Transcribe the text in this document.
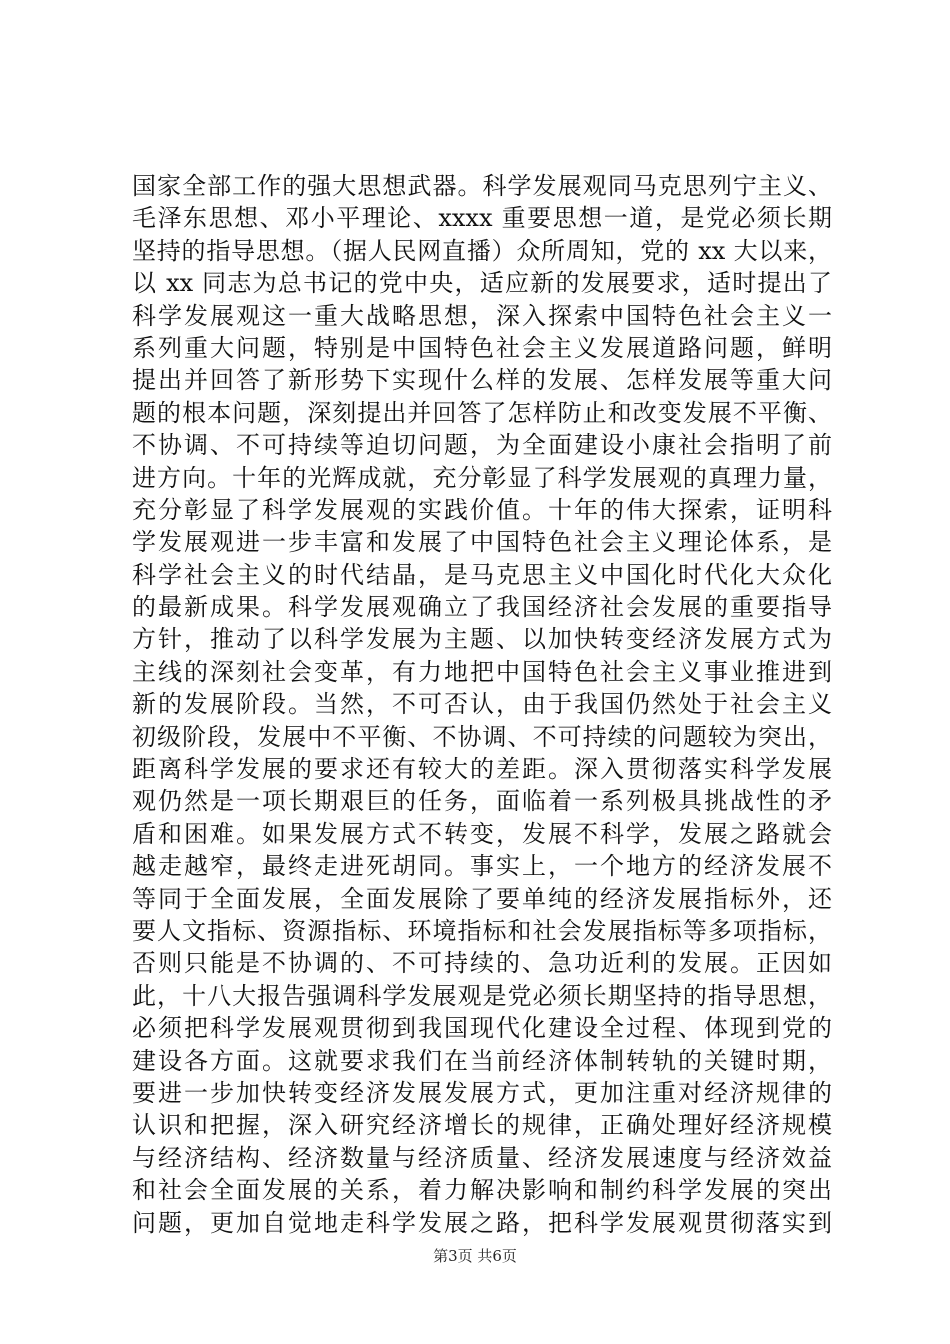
国家全部工作的强大思想武器。科学发展观同马克思列宁主义、
毛泽东思想、邓小平理论、xxxx 重要思想一道，是党必须长期
坚持的指导思想。（据人民网直播）众所周知，党的 xx 大以来，
以 xx 同志为总书记的党中央，适应新的发展要求，适时提出了
科学发展观这一重大战略思想，深入探索中国特色社会主义一
系列重大问题，特别是中国特色社会主义发展道路问题，鲜明
提出并回答了新形势下实现什么样的发展、怎样发展等重大问
题的根本问题，深刻提出并回答了怎样防止和改变发展不平衡、
不协调、不可持续等迫切问题，为全面建设小康社会指明了前
进方向。十年的光辉成就，充分彰显了科学发展观的真理力量，
充分彰显了科学发展观的实践价值。十年的伟大探索，证明科
学发展观进一步丰富和发展了中国特色社会主义理论体系，是
科学社会主义的时代结晶，是马克思主义中国化时代化大众化
的最新成果。科学发展观确立了我国经济社会发展的重要指导
方针，推动了以科学发展为主题、以加快转变经济发展方式为
主线的深刻社会变革，有力地把中国特色社会主义事业推进到
新的发展阶段。当然，不可否认，由于我国仍然处于社会主义
初级阶段，发展中不平衡、不协调、不可持续的问题较为突出，
距离科学发展的要求还有较大的差距。深入贯彻落实科学发展
观仍然是一项长期艰巨的任务，面临着一系列极具挑战性的矛
盾和困难。如果发展方式不转变，发展不科学，发展之路就会
越走越窄，最终走进死胡同。事实上，一个地方的经济发展不
等同于全面发展，全面发展除了要单纯的经济发展指标外，还
要人文指标、资源指标、环境指标和社会发展指标等多项指标，
否则只能是不协调的、不可持续的、急功近利的发展。正因如
此，十八大报告强调科学发展观是党必须长期坚持的指导思想，
必须把科学发展观贯彻到我国现代化建设全过程、体现到党的
建设各方面。这就要求我们在当前经济体制转轨的关键时期，
要进一步加快转变经济发展发展方式，更加注重对经济规律的
认识和把握，深入研究经济增长的规律，正确处理好经济规模
与经济结构、经济数量与经济质量、经济发展速度与经济效益
和社会全面发展的关系，着力解决影响和制约科学发展的突出
问题，更加自觉地走科学发展之路，把科学发展观贯彻落实到
第3页 共6页
